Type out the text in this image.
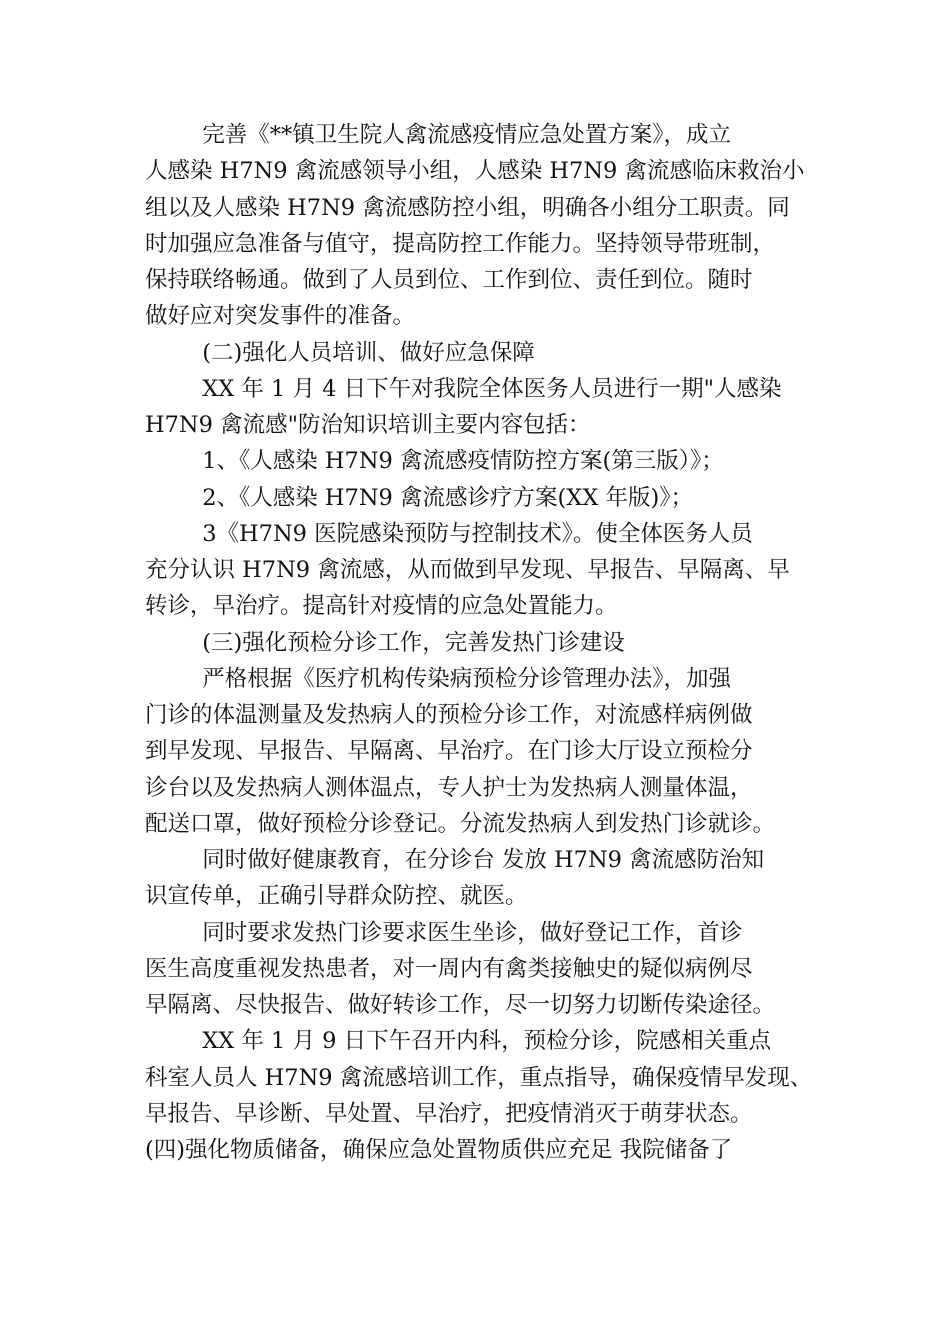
完善《**镇卫生院人禽流感疫情应急处置方案》，成立
人感染 H7N9 禽流感领导小组，人感染 H7N9 禽流感临床救治小
组以及人感染 H7N9 禽流感防控小组，明确各小组分工职责。同
时加强应急准备与值守，提高防控工作能力。坚持领导带班制，
保持联络畅通。做到了人员到位、工作到位、责任到位。随时
做好应对突发事件的准备。
(二)强化人员培训、做好应急保障
XX 年 1 月 4 日下午对我院全体医务人员进行一期"人感染
H7N9 禽流感"防治知识培训主要内容包括：
1、《人感染 H7N9 禽流感疫情防控方案(第三版）》；
2、《人感染 H7N9 禽流感诊疗方案(XX 年版)》；
3《H7N9 医院感染预防与控制技术》。使全体医务人员
充分认识 H7N9 禽流感，从而做到早发现、早报告、早隔离、早
转诊，早治疗。提高针对疫情的应急处置能力。
(三)强化预检分诊工作，完善发热门诊建设
严格根据《医疗机构传染病预检分诊管理办法》，加强
门诊的体温测量及发热病人的预检分诊工作，对流感样病例做
到早发现、早报告、早隔离、早治疗。在门诊大厅设立预检分
诊台以及发热病人测体温点，专人护士为发热病人测量体温，
配送口罩，做好预检分诊登记。分流发热病人到发热门诊就诊。
同时做好健康教育，在分诊台 发放 H7N9 禽流感防治知
识宣传单，正确引导群众防控、就医。
同时要求发热门诊要求医生坐诊，做好登记工作，首诊
医生高度重视发热患者，对一周内有禽类接触史的疑似病例尽
早隔离、尽快报告、做好转诊工作，尽一切努力切断传染途径。
XX 年 1 月 9 日下午召开内科，预检分诊，院感相关重点
科室人员人 H7N9 禽流感培训工作，重点指导，确保疫情早发现、
早报告、早诊断、早处置、早治疗，把疫情消灭于萌芽状态。
(四)强化物质储备，确保应急处置物质供应充足 我院储备了
